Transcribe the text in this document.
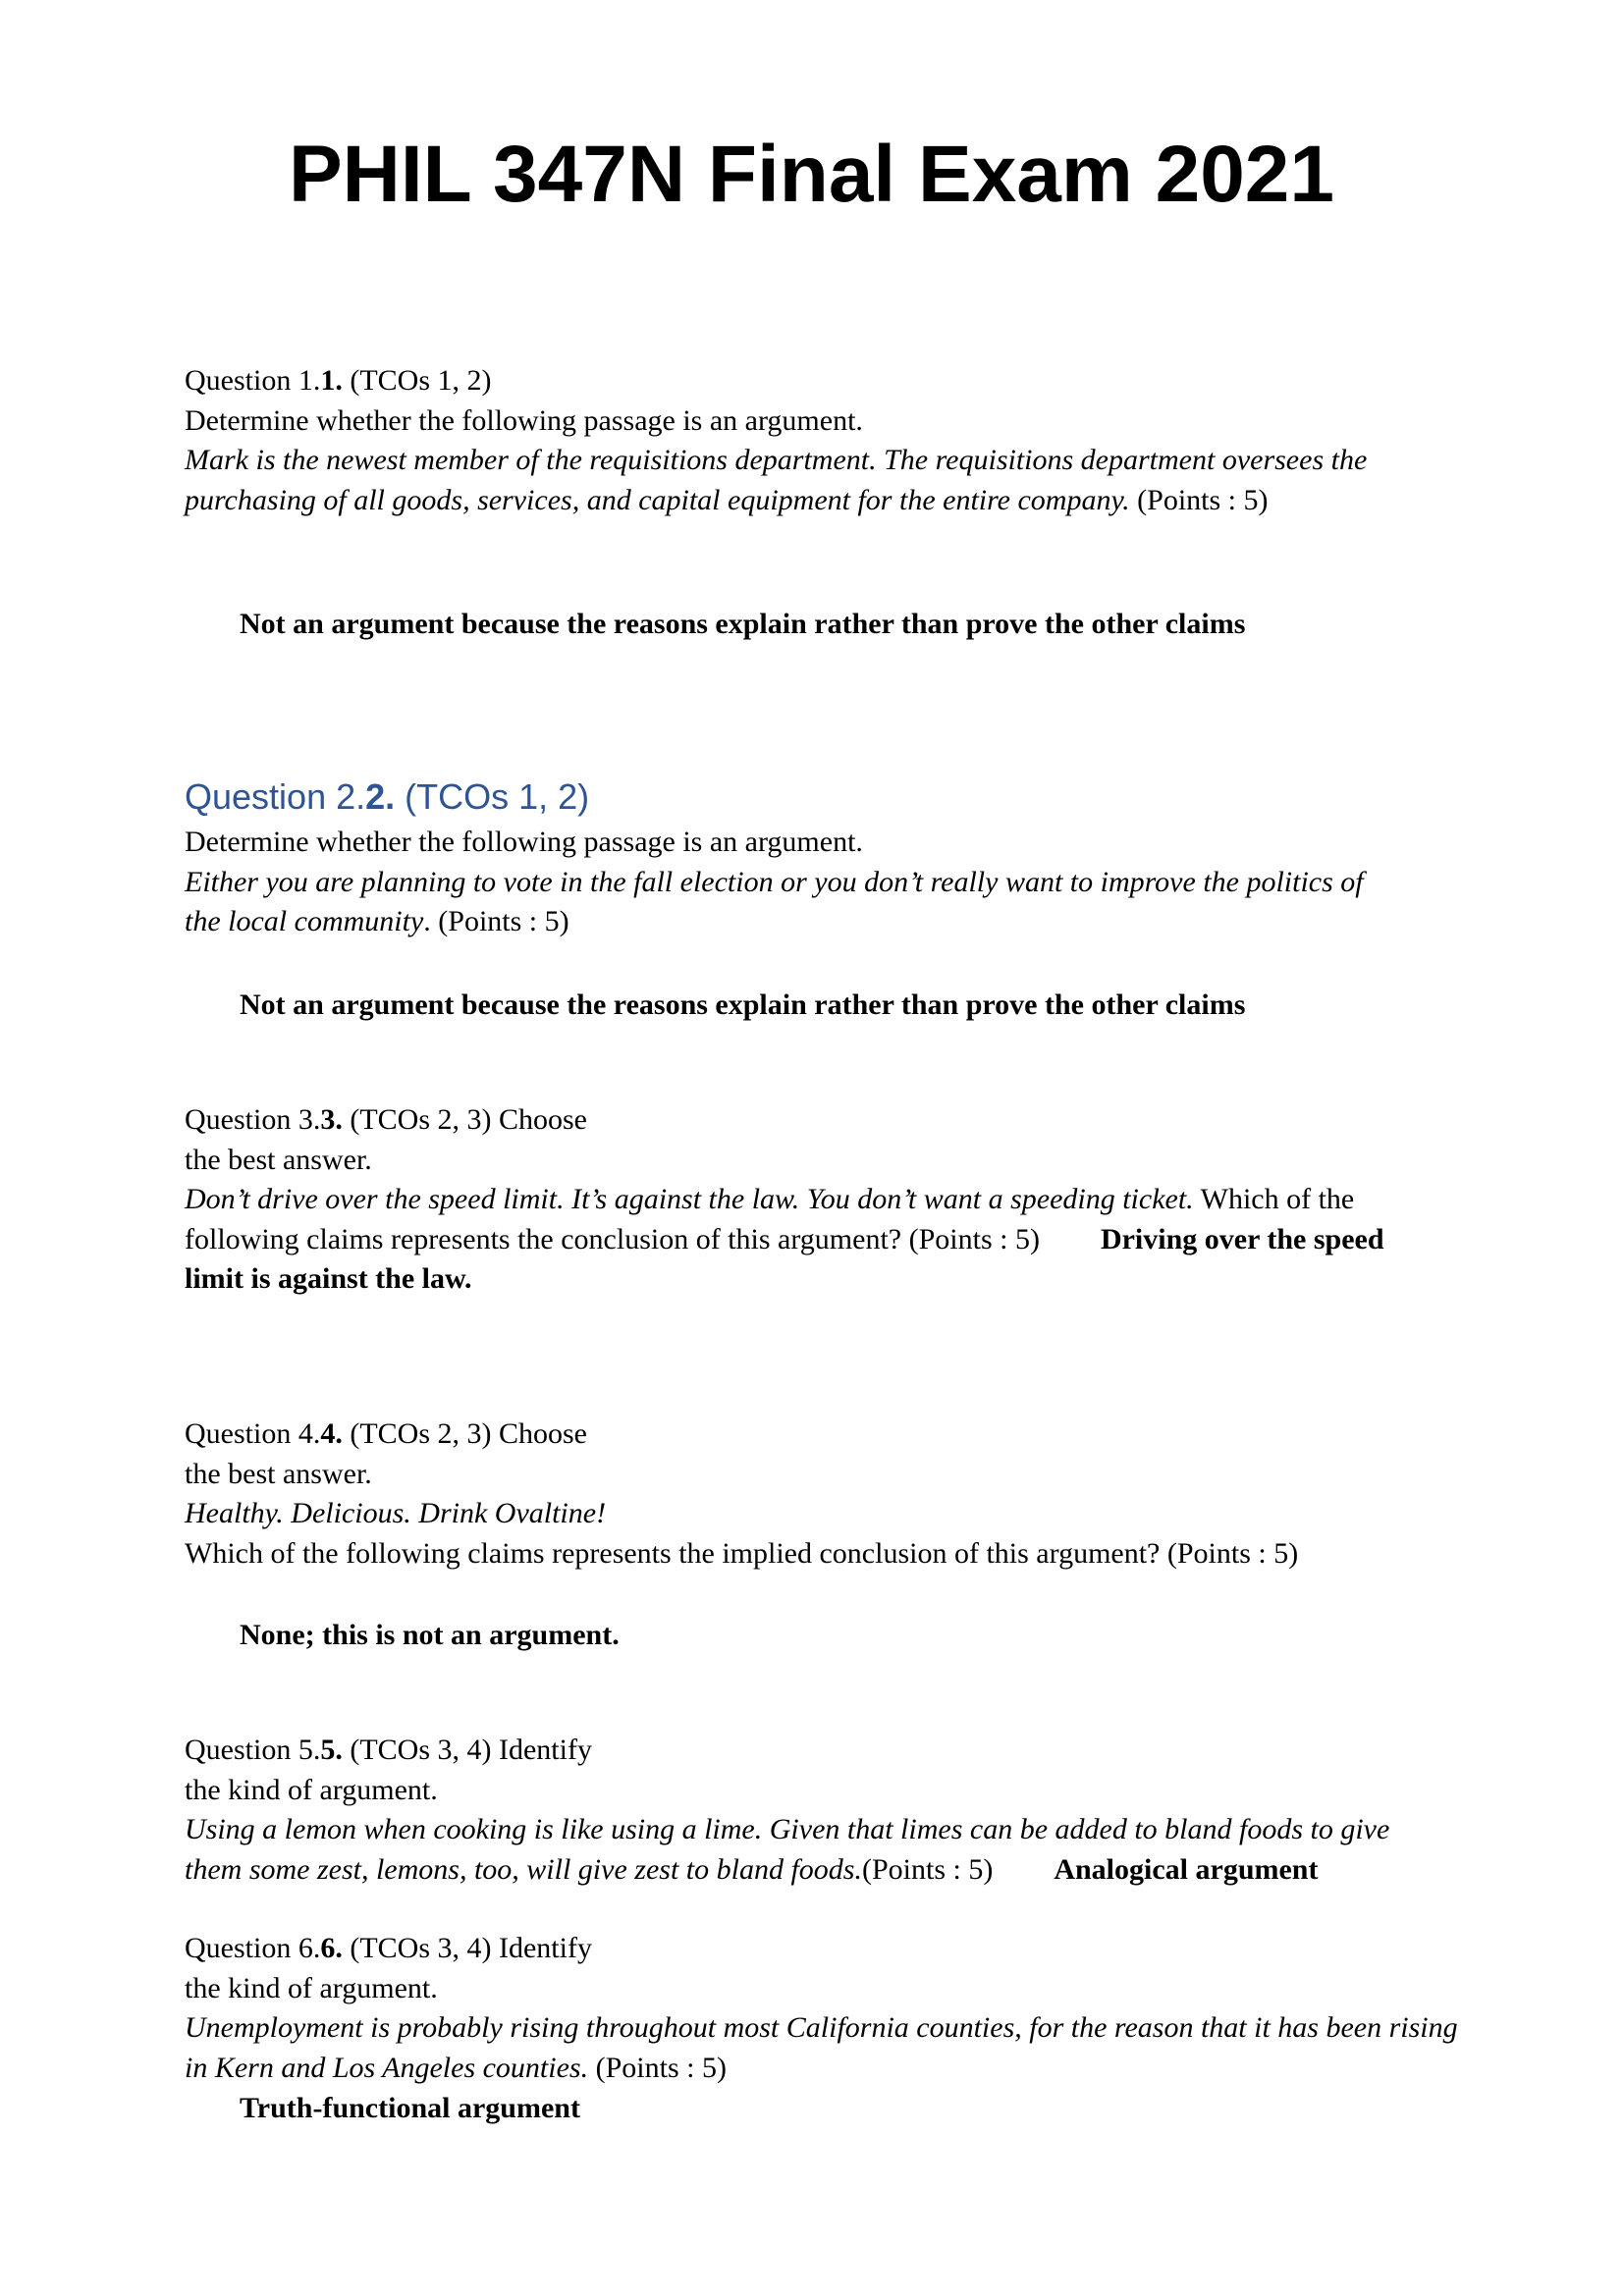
PHIL 347N Final Exam 2021

Question 1.1. (TCOs 1, 2)

Determine whether the following passage is an argument.

Mark is the newest member of the requisitions department. The requisitions department oversees the purchasing of all goods, services, and capital equipment for the entire company. (Points : 5)

Not an argument because the reasons explain rather than prove the other claims

Question 2.2. (TCOs 1, 2)

Determine whether the following passage is an argument.

Either you are planning to vote in the fall election or you don’t really want to improve the politics of the local community. (Points : 5)

Not an argument because the reasons explain rather than prove the other claims

Question 3.3. (TCOs 2, 3) Choose

the best answer.

Don’t drive over the speed limit. It’s against the law. You don’t want a speeding ticket. Which of the following claims represents the conclusion of this argument? (Points : 5) Driving over the speed limit is against the law.

Question 4.4. (TCOs 2, 3) Choose

the best answer.

Healthy. Delicious. Drink Ovaltine!

Which of the following claims represents the implied conclusion of this argument? (Points : 5)

None; this is not an argument.

Question 5.5. (TCOs 3, 4) Identify

the kind of argument.

Using a lemon when cooking is like using a lime. Given that limes can be added to bland foods to give them some zest, lemons, too, will give zest to bland foods.(Points : 5) Analogical argument

Question 6.6. (TCOs 3, 4) Identify

the kind of argument.

Unemployment is probably rising throughout most California counties, for the reason that it has been rising in Kern and Los Angeles counties. (Points : 5)

Truth-functional argument
